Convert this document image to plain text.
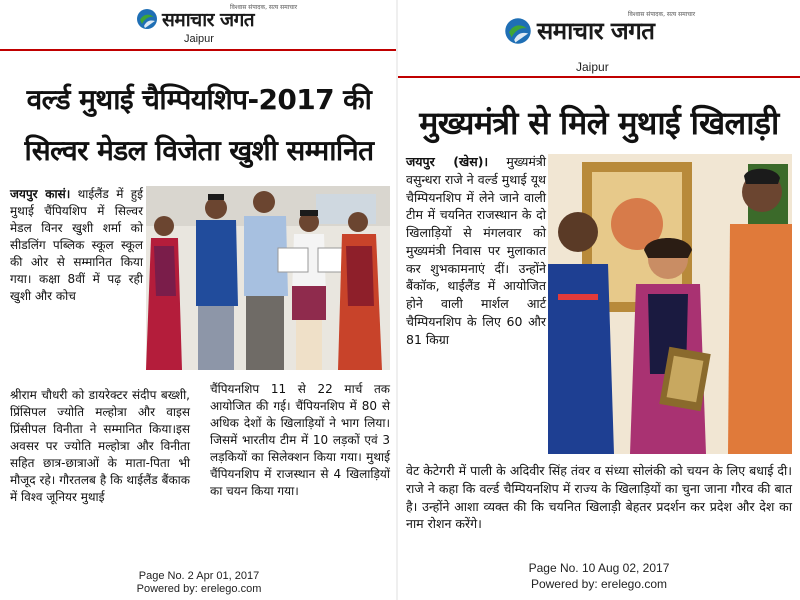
समाचार जगत
विश्वास संपादक, सत्य समाचार
Jaipur
वर्ल्ड मुथाई चैम्पियशिप-2017 की
सिल्वर मेडल विजेता खुशी सम्मानित
जयपुर कासं। थाईलैंड में हुई मुथाई चैंपियशिप में सिल्वर मेडल विनर खुशी शर्मा को सीडलिंग पब्लिक स्कूल स्कूल की ओर से सम्मानित किया गया। कक्षा 8वीं में पढ़ रही खुशी और कोच
श्रीराम चौधरी को डायरेक्टर संदीप बख्शी, प्रिंसिपल ज्योति मल्होत्रा और वाइस प्रिंसीपल विनीता ने सम्मानित किया।इस अवसर पर ज्योति मल्होत्रा और विनीता सहित छात्र-छात्राओं के माता-पिता भी मौजूद रहे। गौरतलब है कि थाईलैंड बैंकाक में विश्व जूनियर मुथाई
चैंपियनशिप 11 से 22 मार्च तक आयोजित की गई। चैंपियनशिप में 80 से अधिक देशों के खिलाड़ियों ने भाग लिया। जिसमें भारतीय टीम में 10 लड़कों एवं 3 लड़कियों का सिलेक्शन किया गया। मुथाई चैंपियनशिप में राजस्थान से 4 खिलाड़ियों का चयन किया गया।
Page No. 2 Apr 01, 2017
Powered by: erelego.com
समाचार जगत
विश्वास संपादक, सत्य समाचार
Jaipur
मुख्यमंत्री से मिले मुथाई खिलाड़ी
जयपुर (खेस)। मुख्यमंत्री वसुन्धरा राजे ने वर्ल्ड मुथाई यूथ चैम्पियनशिप में लेने जाने वाली टीम में चयनित राजस्थान के दो खिलाड़ियों से मंगलवार को मुख्यमंत्री निवास पर मुलाकात कर शुभकामनाएं दीं। उन्होंने बैंकॉक, थाईलैंड में आयोजित होने वाली मार्शल आर्ट चैम्पियनशिप के लिए 60 और 81 किग्रा
वेट केटेगरी में पाली के अदिवीर सिंह तंवर व संध्या सोलंकी को चयन के लिए बधाई दी। राजे ने कहा कि वर्ल्ड चैम्पियनशिप में राज्य के खिलाड़ियों का चुना जाना गौरव की बात है। उन्होंने आशा व्यक्त की कि चयनित खिलाड़ी बेहतर प्रदर्शन कर प्रदेश और देश का नाम रोशन करेंगे।
Page No. 10 Aug 02, 2017
Powered by: erelego.com
